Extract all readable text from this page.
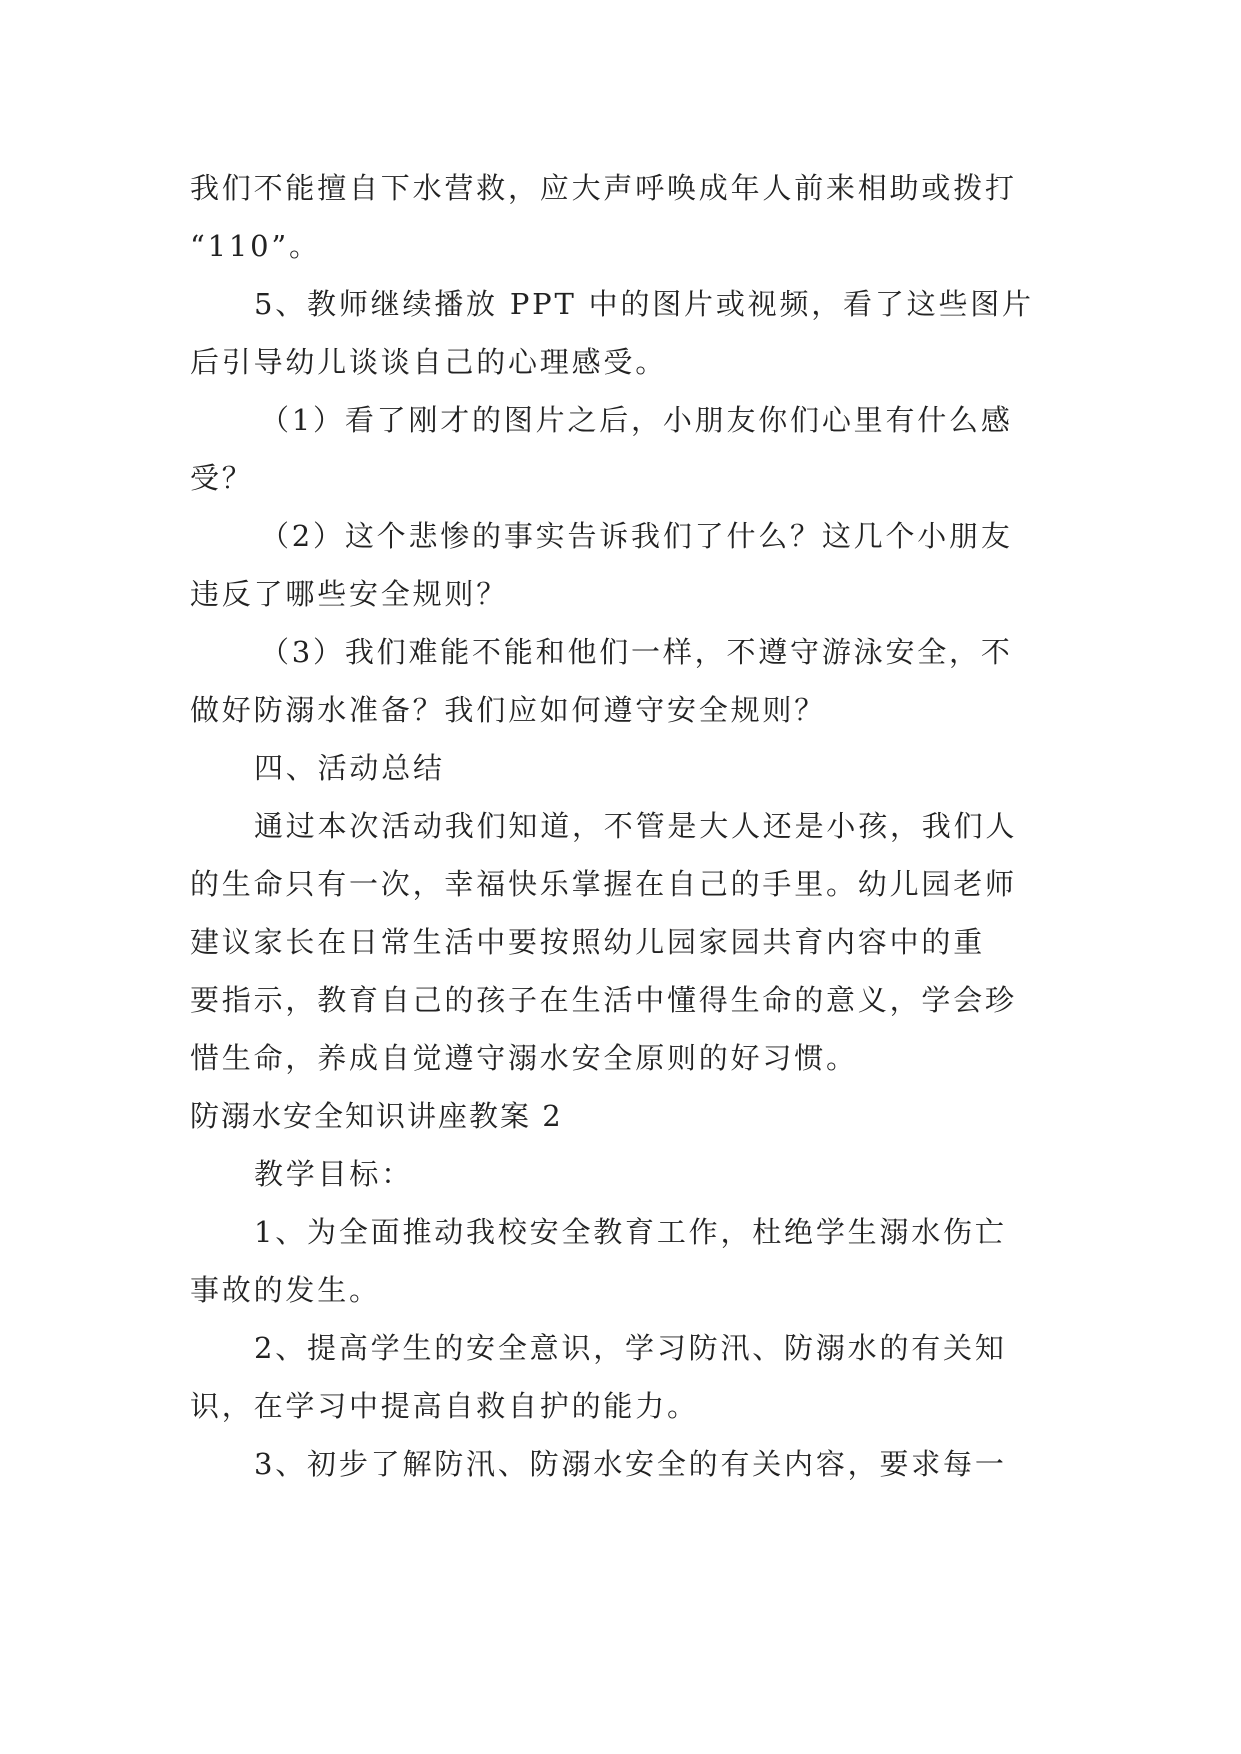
我们不能擅自下水营救，应大声呼唤成年人前来相助或拨打
“110”。

5、教师继续播放 PPT 中的图片或视频，看了这些图片
后引导幼儿谈谈自己的心理感受。

（1）看了刚才的图片之后，小朋友你们心里有什么感
受？

（2）这个悲惨的事实告诉我们了什么？这几个小朋友
违反了哪些安全规则？

（3）我们难能不能和他们一样，不遵守游泳安全，不
做好防溺水准备？我们应如何遵守安全规则？

四、活动总结

通过本次活动我们知道，不管是大人还是小孩，我们人
的生命只有一次，幸福快乐掌握在自己的手里。幼儿园老师
建议家长在日常生活中要按照幼儿园家园共育内容中的重
要指示，教育自己的孩子在生活中懂得生命的意义，学会珍
惜生命，养成自觉遵守溺水安全原则的好习惯。

防溺水安全知识讲座教案 2

教学目标：

1、为全面推动我校安全教育工作，杜绝学生溺水伤亡
事故的发生。

2、提高学生的安全意识，学习防汛、防溺水的有关知
识，在学习中提高自救自护的能力。

3、初步了解防汛、防溺水安全的有关内容，要求每一
